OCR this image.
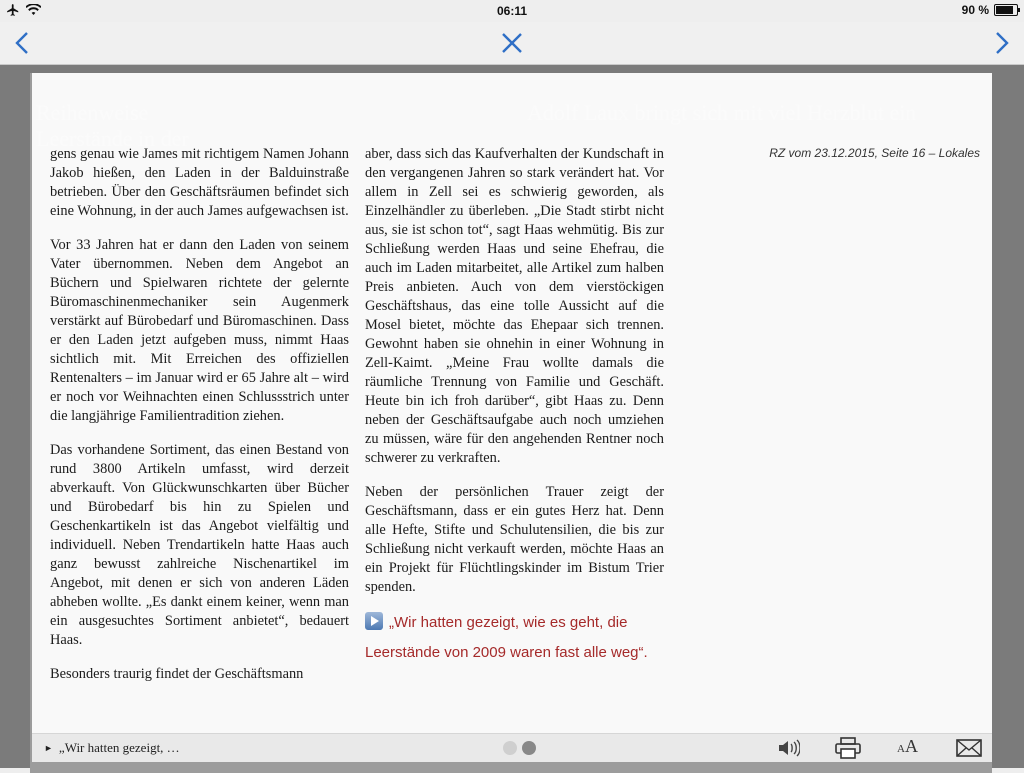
06:11	90 %
RZ vom 23.12.2015, Seite 16 – Lokales

gens genau wie James mit richtigem Namen Johann Jakob hießen, den Laden in der Balduinstraße betrieben. Über den Geschäftsräumen befindet sich eine Wohnung, in der auch James aufgewachsen ist.

Vor 33 Jahren hat er dann den Laden von seinem Vater übernommen. Neben dem Angebot an Büchern und Spielwaren richtete der gelernte Büromaschinenmechaniker sein Augenmerk verstärkt auf Bürobedarf und Büromaschinen. Dass er den Laden jetzt aufgeben muss, nimmt Haas sichtlich mit. Mit Erreichen des offiziellen Rentenalters – im Januar wird er 65 Jahre alt – wird er noch vor Weihnachten einen Schlussstrich unter die langjährige Familientradition ziehen.

Das vorhandene Sortiment, das einen Bestand von rund 3800 Artikeln umfasst, wird derzeit abverkauft. Von Glückwunschkarten über Bücher und Bürobedarf bis hin zu Spielen und Geschenkartikeln ist das Angebot vielfältig und individuell. Neben Trendartikeln hatte Haas auch ganz bewusst zahlreiche Nischenartikel im Angebot, mit denen er sich von anderen Läden abheben wollte. „Es dankt einem keiner, wenn man ein ausgesuchtes Sortiment anbietet“, bedauert Haas.

Besonders traurig findet der Geschäftsmann

aber, dass sich das Kaufverhalten der Kundschaft in den vergangenen Jahren so stark verändert hat. Vor allem in Zell sei es schwierig geworden, als Einzelhändler zu überleben. „Die Stadt stirbt nicht aus, sie ist schon tot“, sagt Haas wehmütig. Bis zur Schließung werden Haas und seine Ehefrau, die auch im Laden mitarbeitet, alle Artikel zum halben Preis anbieten. Auch von dem vierstöckigen Geschäftshaus, das eine tolle Aussicht auf die Mosel bietet, möchte das Ehepaar sich trennen. Gewohnt haben sie ohnehin in einer Wohnung in Zell-Kaimt. „Meine Frau wollte damals die räumliche Trennung von Familie und Geschäft. Heute bin ich froh darüber“, gibt Haas zu. Denn neben der Geschäftsaufgabe auch noch umziehen zu müssen, wäre für den angehenden Rentner noch schwerer zu verkraften.

Neben der persönlichen Trauer zeigt der Geschäftsmann, dass er ein gutes Herz hat. Denn alle Hefte, Stifte und Schulutensilien, die bis zur Schließung nicht verkauft werden, möchte Haas an ein Projekt für Flüchtlingskinder im Bistum Trier spenden.

„Wir hatten gezeigt, wie es geht, die Leerstände von 2009 waren fast alle weg“.
► „Wir hatten gezeigt, …	AA
